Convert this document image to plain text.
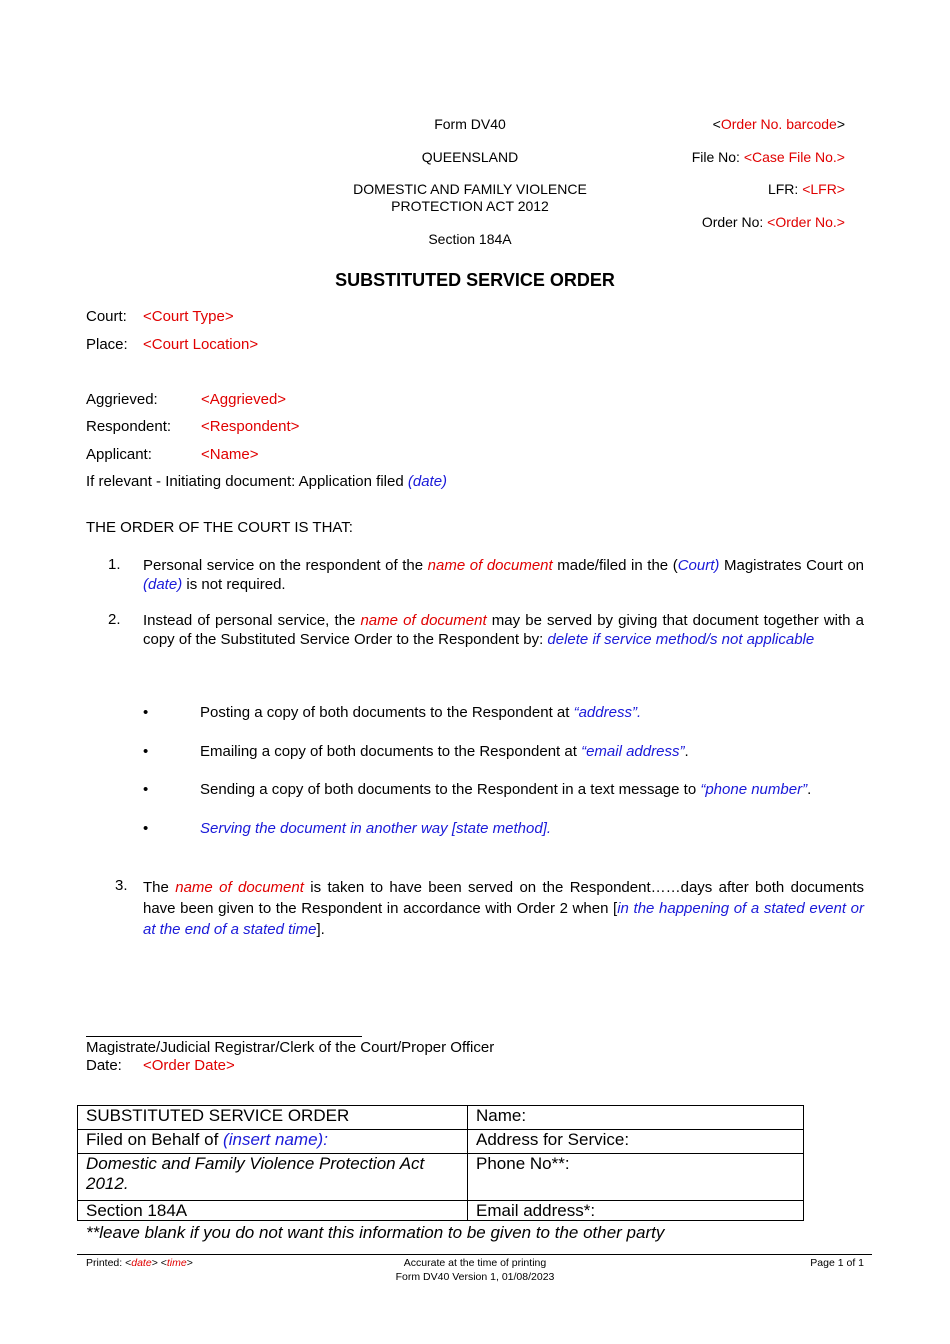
Form DV40
QUEENSLAND
DOMESTIC AND FAMILY VIOLENCE
PROTECTION ACT 2012
Section 184A
<Order No. barcode>
File No: <Case File No.>
LFR: <LFR>
Order No: <Order No.>
SUBSTITUTED SERVICE ORDER
Court: <Court Type>
Place: <Court Location>
Aggrieved:	<Aggrieved>
Respondent: <Respondent>
Applicant:	<Name>
If relevant - Initiating document: Application filed (date)
THE ORDER OF THE COURT IS THAT:
1. Personal service on the respondent of the name of document made/filed in the (Court) Magistrates Court on (date) is not required.
2. Instead of personal service, the name of document may be served by giving that document together with a copy of the Substituted Service Order to the Respondent by: delete if service method/s not applicable
•	Posting a copy of both documents to the Respondent at “address”.
•	Emailing a copy of both documents to the Respondent at “email address”.
•	Sending a copy of both documents to the Respondent in a text message to “phone number”.
•	Serving the document in another way [state method].
3. The name of document is taken to have been served on the Respondent……days after both documents have been given to the Respondent in accordance with Order 2 when [in the happening of a stated event or at the end of a stated time].
Magistrate/Judicial Registrar/Clerk of the Court/Proper Officer
Date: <Order Date>
SUBSTITUTED SERVICE ORDER	Name:
Filed on Behalf of (insert name):	Address for Service:
Domestic and Family Violence Protection Act 2012.	Phone No**:
Section 184A	Email address*:
**leave blank if you do not want this information to be given to the other party
Printed: <date> <time>	Accurate at the time of printing
Form DV40 Version 1, 01/08/2023
Page 1 of 1
